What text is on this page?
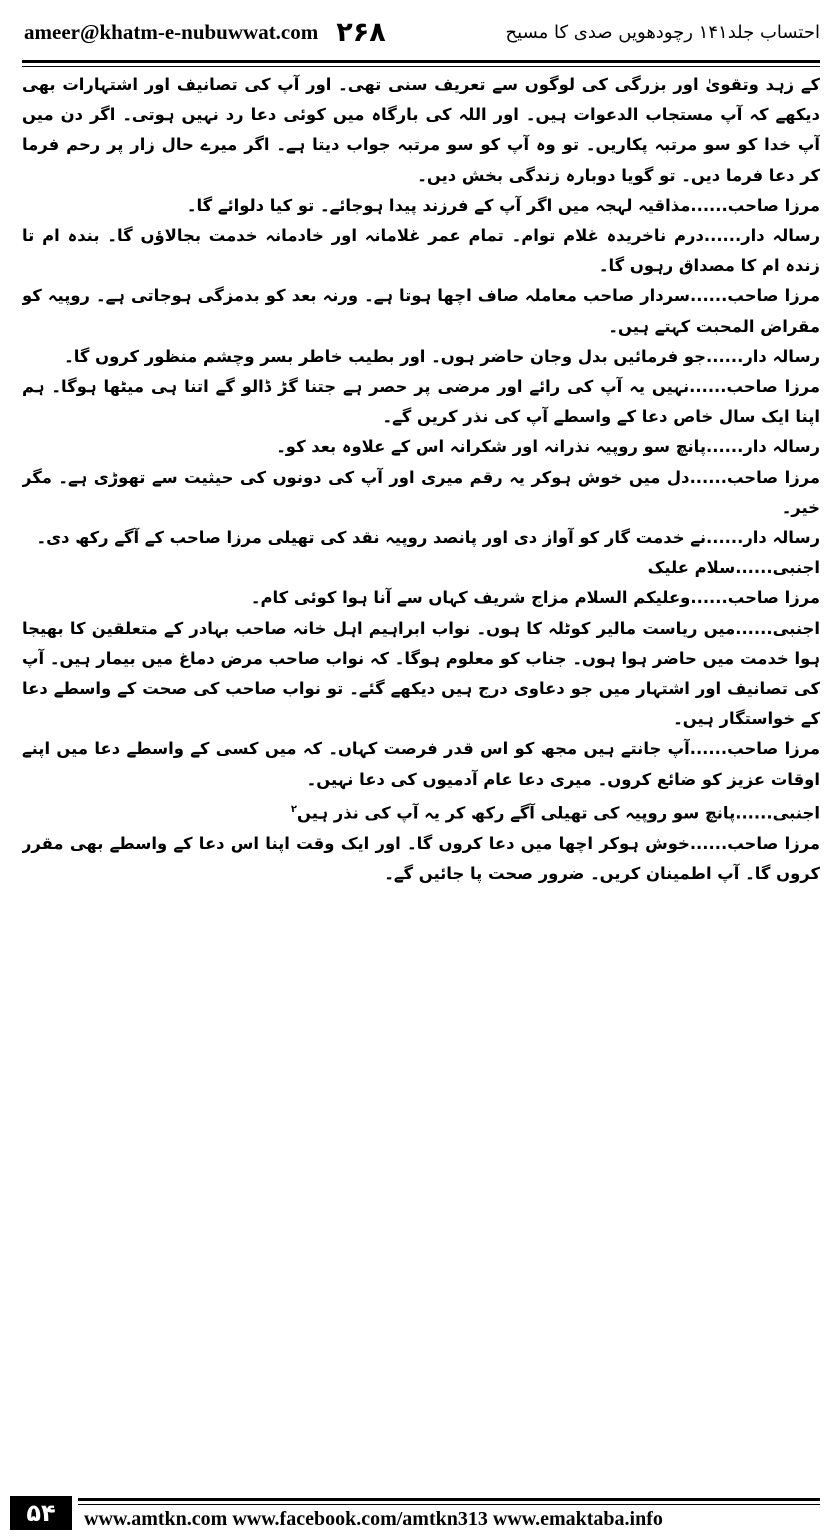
ameer@khatm-e-nubuwwat.com ۲۶۸	احتساب جلد۱۴۱ رچودھویں صدی کا مسیح

کے زہد وتقویٰ اور بزرگی کی لوگوں سے تعریف سنی تھی۔ اور آپ کی تصانیف اور اشتہارات بھی دیکھے کہ آپ مستجاب الدعوات ہیں۔ اور اللہ کی بارگاہ میں کوئی دعا رد نہیں ہوتی۔ اگر دن میں آپ خدا کو سو مرتبہ پکاریں۔ تو وہ آپ کو سو مرتبہ جواب دیتا ہے۔ اگر میرے حال زار پر رحم فرما کر دعا فرما دیں۔ تو گویا دوبارہ زندگی بخش دیں۔

مرزا صاحب......مذاقیہ لہجہ میں اگر آپ کے فرزند پیدا ہوجائے۔ تو کیا دلوائے گا۔

رسالہ دار......درم ناخریدہ غلام توام۔ تمام عمر غلامانہ اور خادمانہ خدمت بجالاؤں گا۔ بندہ ام تا زندہ ام کا مصداق رہوں گا۔

مرزا صاحب......سردار صاحب معاملہ صاف اچھا ہوتا ہے۔ ورنہ بعد کو بدمزگی ہوجاتی ہے۔ روپیہ کو مقراض المحبت کہتے ہیں۔

رسالہ دار......جو فرمائیں بدل وجان حاضر ہوں۔ اور بطیب خاطر بسر وچشم منظور کروں گا۔

مرزا صاحب......نہیں یہ آپ کی رائے اور مرضی پر حصر ہے جتنا گڑ ڈالو گے اتنا ہی میٹھا ہوگا۔ ہم اپنا ایک سال خاص دعا کے واسطے آپ کی نذر کریں گے۔

رسالہ دار......پانچ سو روپیہ نذرانہ اور شکرانہ اس کے علاوہ بعد کو۔

مرزا صاحب......دل میں خوش ہوکر یہ رقم میری اور آپ کی دونوں کی حیثیت سے تھوڑی ہے۔ مگر خیر۔

رسالہ دار......نے خدمت گار کو آواز دی اور پانصد روپیہ نقد کی تھیلی مرزا صاحب کے آگے رکھ دی۔

اجنبی......سلام علیک

مرزا صاحب......وعلیکم السلام مزاج شریف کہاں سے آنا ہوا کوئی کام۔

اجنبی......میں ریاست مالیر کوٹلہ کا ہوں۔ نواب ابراہیم اہل خانہ صاحب بہادر کے متعلقین کا بھیجا ہوا خدمت میں حاضر ہوا ہوں۔ جناب کو معلوم ہوگا۔ کہ نواب صاحب مرض دماغ میں بیمار ہیں۔ آپ کی تصانیف اور اشتہار میں جو دعاوی درج ہیں دیکھے گئے۔ تو نواب صاحب کی صحت کے واسطے دعا کے خواستگار ہیں۔

مرزا صاحب......آپ جانتے ہیں مجھ کو اس قدر فرصت کہاں۔ کہ میں کسی کے واسطے دعا میں اپنے اوقات عزیز کو ضائع کروں۔ میری دعا عام آدمیوں کی دعا نہیں۔

اجنبی......پانچ سو روپیہ کی تھیلی آگے رکھ کر یہ آپ کی نذر ہیں$^۲$

مرزا صاحب......خوش ہوکر اچھا میں دعا کروں گا۔ اور ایک وقت اپنا اس دعا کے واسطے بھی مقرر کروں گا۔ آپ اطمینان کریں۔ ضرور صحت پا جائیں گے۔

۵۴	www.amtkn.com www.facebook.com/amtkn313 www.emaktaba.info
